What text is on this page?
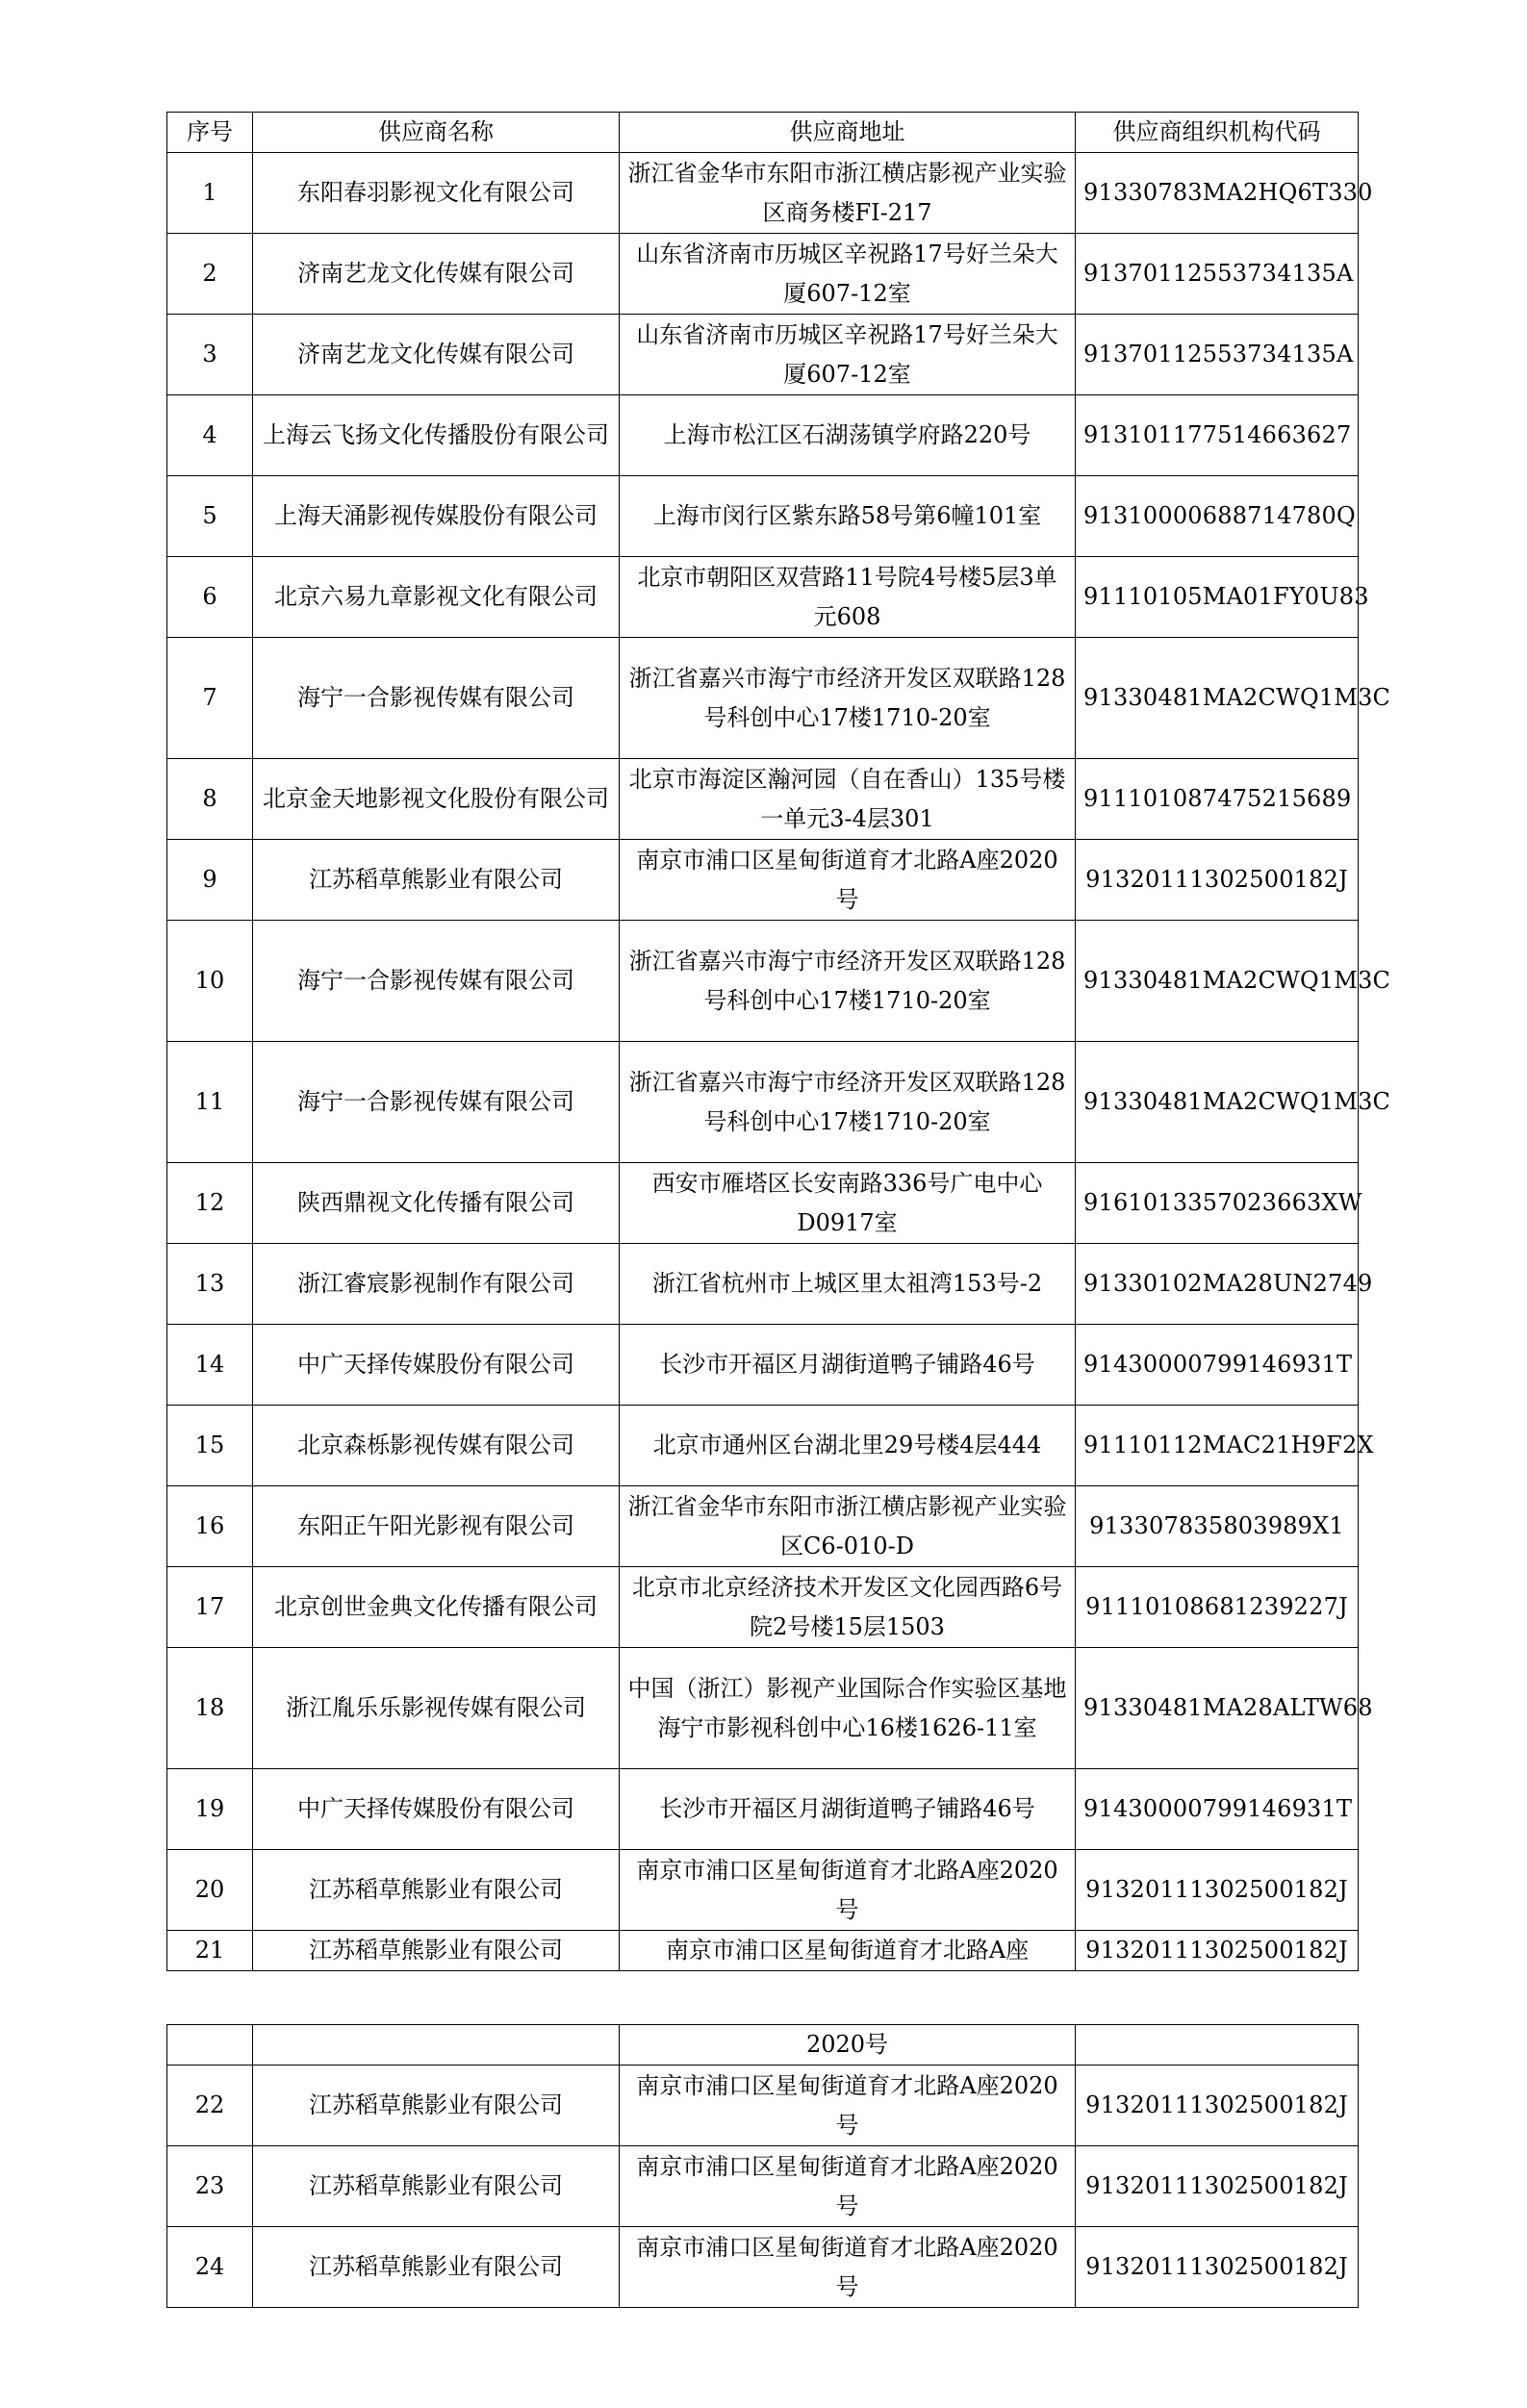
序号	供应商名称	供应商地址	供应商组织机构代码
1	东阳春羽影视文化有限公司	浙江省金华市东阳市浙江横店影视产业实验区商务楼FI-217	91330783MA2HQ6T330
2	济南艺龙文化传媒有限公司	山东省济南市历城区辛祝路17号好兰朵大厦607-12室	91370112553734135A
3	济南艺龙文化传媒有限公司	山东省济南市历城区辛祝路17号好兰朵大厦607-12室	91370112553734135A
4	上海云飞扬文化传播股份有限公司	上海市松江区石湖荡镇学府路220号	913101177514663627
5	上海天涌影视传媒股份有限公司	上海市闵行区紫东路58号第6幢101室	91310000688714780Q
6	北京六易九章影视文化有限公司	北京市朝阳区双营路11号院4号楼5层3单元608	91110105MA01FY0U83
7	海宁一合影视传媒有限公司	浙江省嘉兴市海宁市经济开发区双联路128号科创中心17楼1710-20室	91330481MA2CWQ1M3C
8	北京金天地影视文化股份有限公司	北京市海淀区瀚河园（自在香山）135号楼一单元3-4层301	911101087475215689
9	江苏稻草熊影业有限公司	南京市浦口区星甸街道育才北路A座2020号	91320111302500182J
10	海宁一合影视传媒有限公司	浙江省嘉兴市海宁市经济开发区双联路128号科创中心17楼1710-20室	91330481MA2CWQ1M3C
11	海宁一合影视传媒有限公司	浙江省嘉兴市海宁市经济开发区双联路128号科创中心17楼1710-20室	91330481MA2CWQ1M3C
12	陕西鼎视文化传播有限公司	西安市雁塔区长安南路336号广电中心D0917室	9161013357023663XW
13	浙江睿宸影视制作有限公司	浙江省杭州市上城区里太祖湾153号-2	91330102MA28UN2749
14	中广天择传媒股份有限公司	长沙市开福区月湖街道鸭子铺路46号	91430000799146931T
15	北京森栎影视传媒有限公司	北京市通州区台湖北里29号楼4层444	91110112MAC21H9F2X
16	东阳正午阳光影视有限公司	浙江省金华市东阳市浙江横店影视产业实验区C6-010-D	913307835803989X1
17	北京创世金典文化传播有限公司	北京市北京经济技术开发区文化园西路6号院2号楼15层1503	91110108681239227J
18	浙江胤乐乐影视传媒有限公司	中国（浙江）影视产业国际合作实验区基地海宁市影视科创中心16楼1626-11室	91330481MA28ALTW68
19	中广天择传媒股份有限公司	长沙市开福区月湖街道鸭子铺路46号	91430000799146931T
20	江苏稻草熊影业有限公司	南京市浦口区星甸街道育才北路A座2020号	91320111302500182J
21	江苏稻草熊影业有限公司	南京市浦口区星甸街道育才北路A座	91320111302500182J
		2020号	
22	江苏稻草熊影业有限公司	南京市浦口区星甸街道育才北路A座2020号	91320111302500182J
23	江苏稻草熊影业有限公司	南京市浦口区星甸街道育才北路A座2020号	91320111302500182J
24	江苏稻草熊影业有限公司	南京市浦口区星甸街道育才北路A座2020号	91320111302500182J
